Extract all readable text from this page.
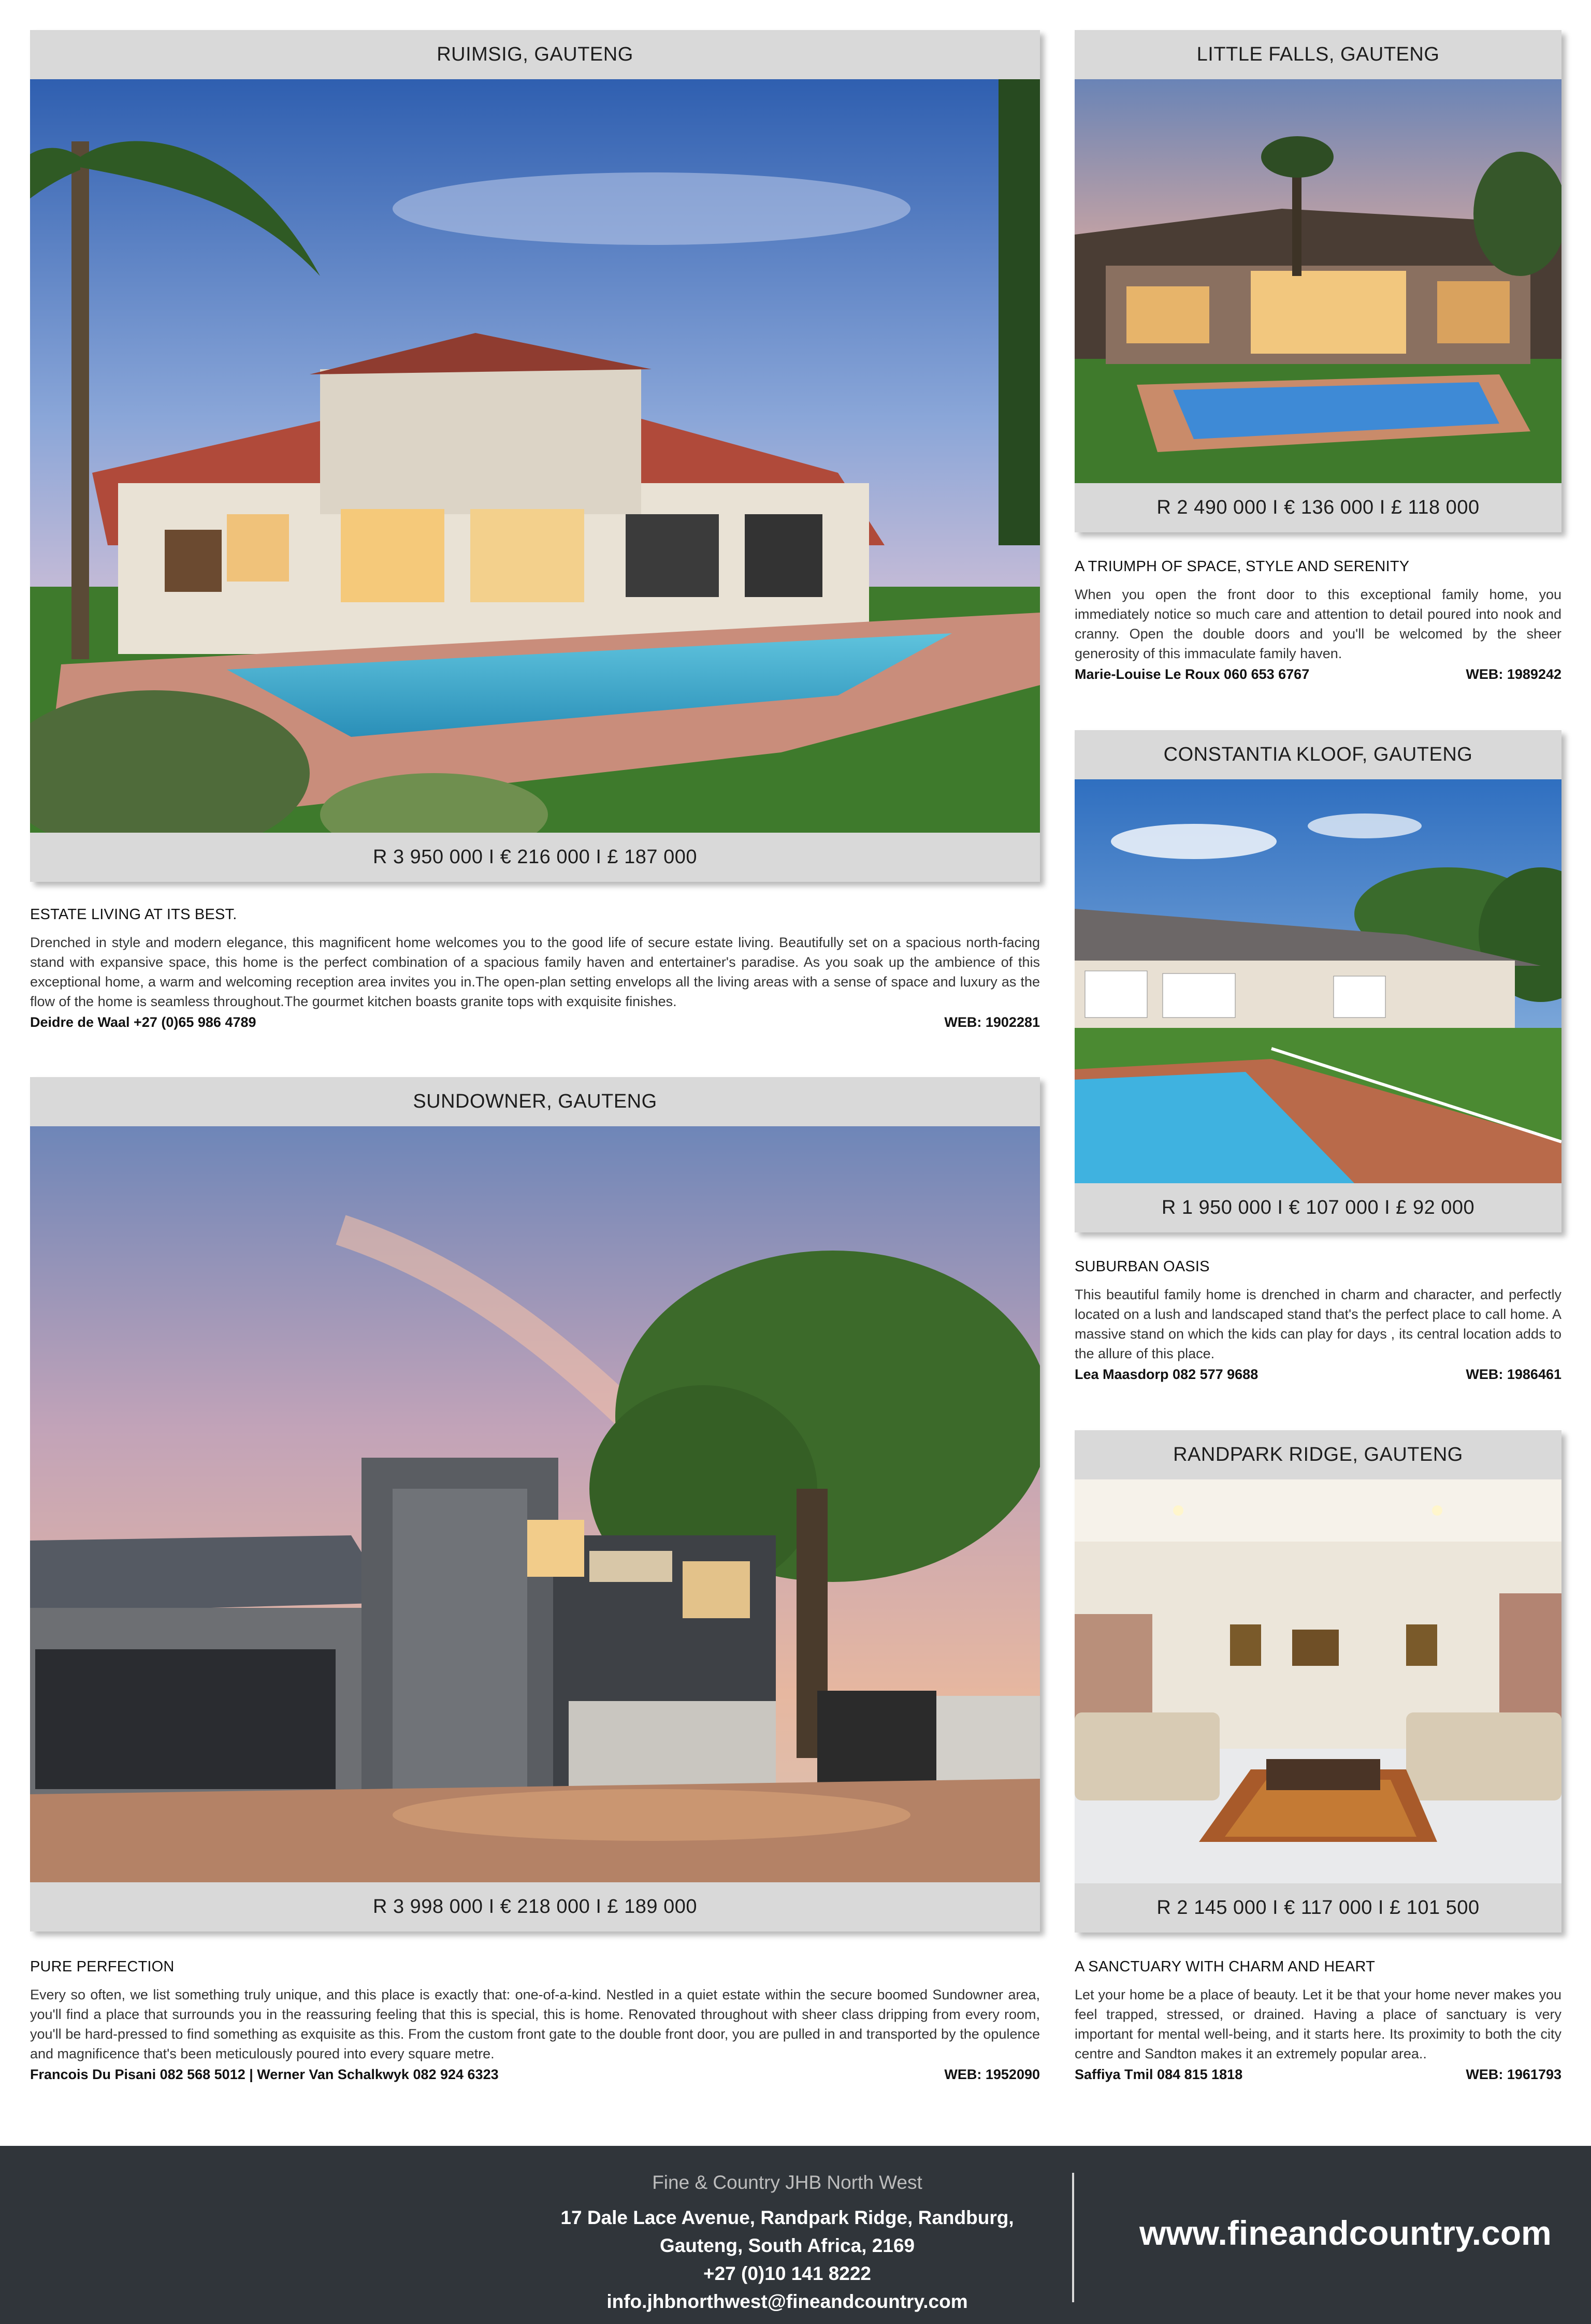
RUIMSIG, GAUTENG
R 3 950 000 I € 216 000 I £ 187 000
ESTATE LIVING AT ITS BEST.
Drenched in style and modern elegance, this magnificent home welcomes you to the good life of secure estate living. Beautifully set on a spacious north-facing stand with expansive space, this home is the perfect combination of a spacious family haven and entertainer's paradise. As you soak up the ambience of this exceptional home, a warm and welcoming reception area invites you in.The open-plan setting envelops all the living areas with a sense of space and luxury as the flow of the home is seamless throughout.The gourmet kitchen boasts granite tops with exquisite finishes.
Deidre de Waal +27 (0)65 986 4789	WEB: 1902281
LITTLE FALLS, GAUTENG
R 2 490 000 I € 136 000 I £ 118 000
A TRIUMPH OF SPACE, STYLE AND SERENITY
When you open the front door to this exceptional family home, you immediately notice so much care and attention to detail poured into nook and cranny. Open the double doors and you'll be welcomed by the sheer generosity of this immaculate family haven.
Marie-Louise Le Roux 060 653 6767	WEB: 1989242
CONSTANTIA KLOOF, GAUTENG
R 1 950 000 I € 107 000 I £ 92 000
SUBURBAN OASIS
This beautiful family home is drenched in charm and character, and perfectly located on a lush and landscaped stand that's the perfect place to call home. A massive stand on which the kids can play for days , its central location adds to the allure of this place.
Lea Maasdorp 082 577 9688	WEB: 1986461
SUNDOWNER, GAUTENG
R 3 998 000 I € 218 000 I £ 189 000
PURE PERFECTION
Every so often, we list something truly unique, and this place is exactly that: one-of-a-kind. Nestled in a quiet estate within the secure boomed Sundowner area, you'll find a place that surrounds you in the reassuring feeling that this is special, this is home. Renovated throughout with sheer class dripping from every room, you'll be hard-pressed to find something as exquisite as this. From the custom front gate to the double front door, you are pulled in and transported by the opulence and magnificence that's been meticulously poured into every square metre.
Francois Du Pisani 082 568 5012 | Werner Van Schalkwyk 082 924 6323	WEB: 1952090
RANDPARK RIDGE, GAUTENG
R 2 145 000 I € 117 000 I £ 101 500
A SANCTUARY WITH CHARM AND HEART
Let your home be a place of beauty. Let it be that your home never makes you feel trapped, stressed, or drained. Having a place of sanctuary is very important for mental well-being, and it starts here. Its proximity to both the city centre and Sandton makes it an extremely popular area..
Saffiya Tmil 084 815 1818	WEB: 1961793
Fine & Country JHB North West
17 Dale Lace Avenue, Randpark Ridge, Randburg,
Gauteng, South Africa, 2169
+27 (0)10 141 8222
info.jhbnorthwest@fineandcountry.com
www.fineandcountry.com
